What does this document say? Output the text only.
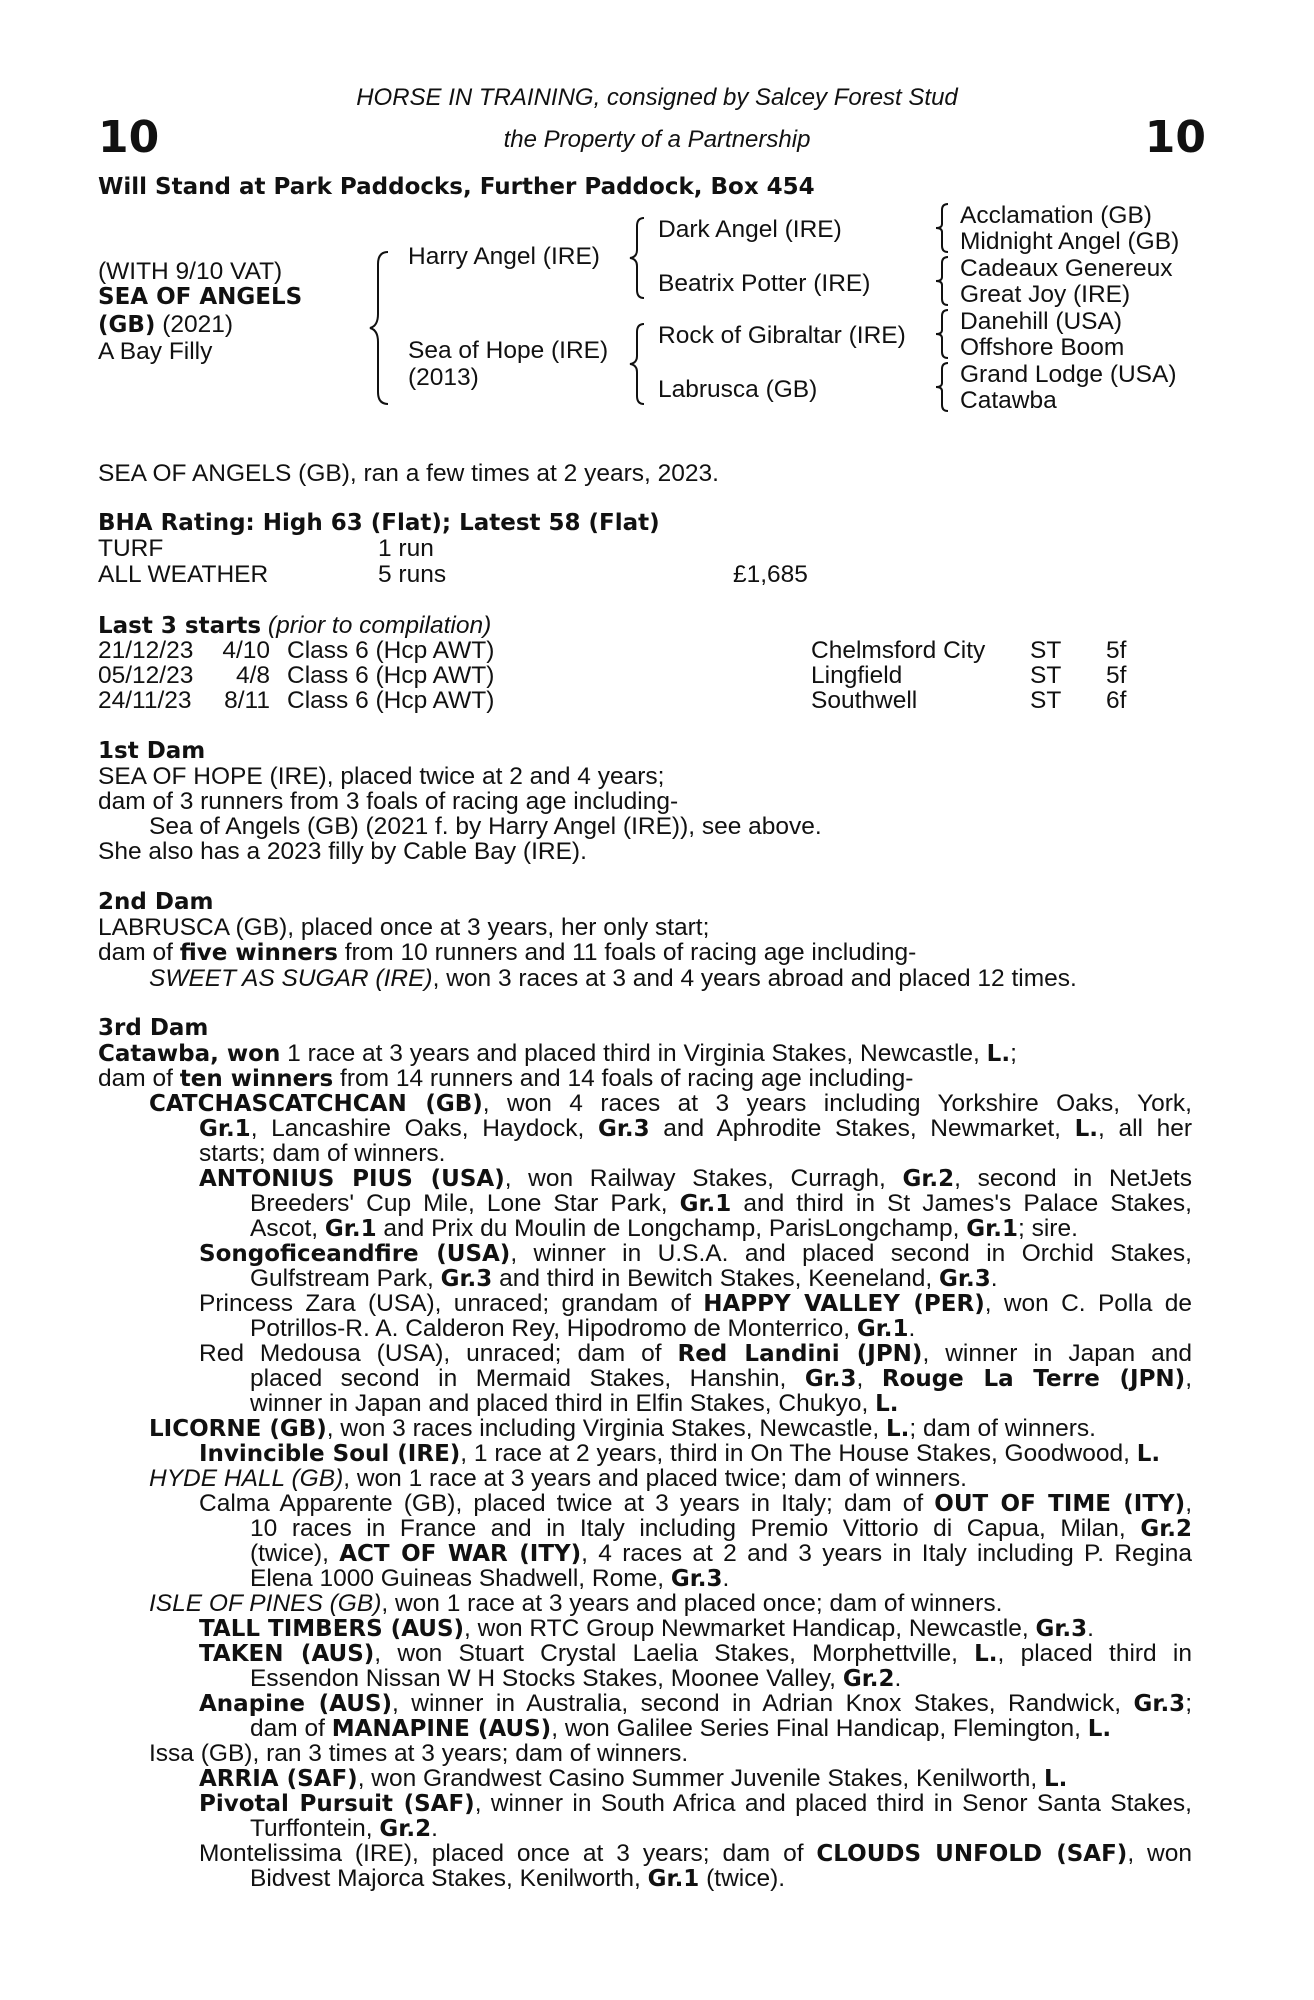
10	10
HORSE IN TRAINING, consigned by Salcey Forest Stud
the Property of a Partnership
Will Stand at Park Paddocks, Further Paddock, Box 454
(WITH 9/10 VAT)
SEA OF ANGELS
(GB) (2021)
A Bay Filly
Harry Angel (IRE)
Sea of Hope (IRE)
(2013)
Dark Angel (IRE)
Beatrix Potter (IRE)
Rock of Gibraltar (IRE)
Labrusca (GB)
Acclamation (GB)
Midnight Angel (GB)
Cadeaux Genereux
Great Joy (IRE)
Danehill (USA)
Offshore Boom
Grand Lodge (USA)
Catawba
SEA OF ANGELS (GB), ran a few times at 2 years, 2023.
BHA Rating: High 63 (Flat); Latest 58 (Flat)
TURF	1 run
ALL WEATHER	5 runs	£1,685
Last 3 starts (prior to compilation)
21/12/23 4/10 Class 6 (Hcp AWT)	Chelmsford City ST 5f
05/12/23	4/8 Class 6 (Hcp AWT)	Lingfield	ST 5f
24/11/23 8/11 Class 6 (Hcp AWT)	Southwell	ST 6f
1st Dam
SEA OF HOPE (IRE), placed twice at 2 and 4 years;
dam of 3 runners from 3 foals of racing age including-
Sea of Angels (GB) (2021 f. by Harry Angel (IRE)), see above.
She also has a 2023 filly by Cable Bay (IRE).
2nd Dam
LABRUSCA (GB), placed once at 3 years, her only start;
dam of five winners from 10 runners and 11 foals of racing age including-
SWEET AS SUGAR (IRE), won 3 races at 3 and 4 years abroad and placed 12 times.
3rd Dam
Catawba, won 1 race at 3 years and placed third in Virginia Stakes, Newcastle, L.;
dam of ten winners from 14 runners and 14 foals of racing age including-
CATCHASCATCHCAN (GB), won 4 races at 3 years including Yorkshire Oaks, York,
Gr.1, Lancashire Oaks, Haydock, Gr.3 and Aphrodite Stakes, Newmarket, L., all her
starts; dam of winners.
ANTONIUS PIUS (USA), won Railway Stakes, Curragh, Gr.2, second in NetJets
Breeders' Cup Mile, Lone Star Park, Gr.1 and third in St James's Palace Stakes,
Ascot, Gr.1 and Prix du Moulin de Longchamp, ParisLongchamp, Gr.1; sire.
Songoficeandfire (USA), winner in U.S.A. and placed second in Orchid Stakes,
Gulfstream Park, Gr.3 and third in Bewitch Stakes, Keeneland, Gr.3.
Princess Zara (USA), unraced; grandam of HAPPY VALLEY (PER), won C. Polla de
Potrillos-R. A. Calderon Rey, Hipodromo de Monterrico, Gr.1.
Red Medousa (USA), unraced; dam of Red Landini (JPN), winner in Japan and
placed second in Mermaid Stakes, Hanshin, Gr.3, Rouge La Terre (JPN),
winner in Japan and placed third in Elfin Stakes, Chukyo, L.
LICORNE (GB), won 3 races including Virginia Stakes, Newcastle, L.; dam of winners.
Invincible Soul (IRE), 1 race at 2 years, third in On The House Stakes, Goodwood, L.
HYDE HALL (GB), won 1 race at 3 years and placed twice; dam of winners.
Calma Apparente (GB), placed twice at 3 years in Italy; dam of OUT OF TIME (ITY),
10 races in France and in Italy including Premio Vittorio di Capua, Milan, Gr.2
(twice), ACT OF WAR (ITY), 4 races at 2 and 3 years in Italy including P. Regina
Elena 1000 Guineas Shadwell, Rome, Gr.3.
ISLE OF PINES (GB), won 1 race at 3 years and placed once; dam of winners.
TALL TIMBERS (AUS), won RTC Group Newmarket Handicap, Newcastle, Gr.3.
TAKEN (AUS), won Stuart Crystal Laelia Stakes, Morphettville, L., placed third in
Essendon Nissan W H Stocks Stakes, Moonee Valley, Gr.2.
Anapine (AUS), winner in Australia, second in Adrian Knox Stakes, Randwick, Gr.3;
dam of MANAPINE (AUS), won Galilee Series Final Handicap, Flemington, L.
Issa (GB), ran 3 times at 3 years; dam of winners.
ARRIA (SAF), won Grandwest Casino Summer Juvenile Stakes, Kenilworth, L.
Pivotal Pursuit (SAF), winner in South Africa and placed third in Senor Santa Stakes,
Turffontein, Gr.2.
Montelissima (IRE), placed once at 3 years; dam of CLOUDS UNFOLD (SAF), won
Bidvest Majorca Stakes, Kenilworth, Gr.1 (twice).
